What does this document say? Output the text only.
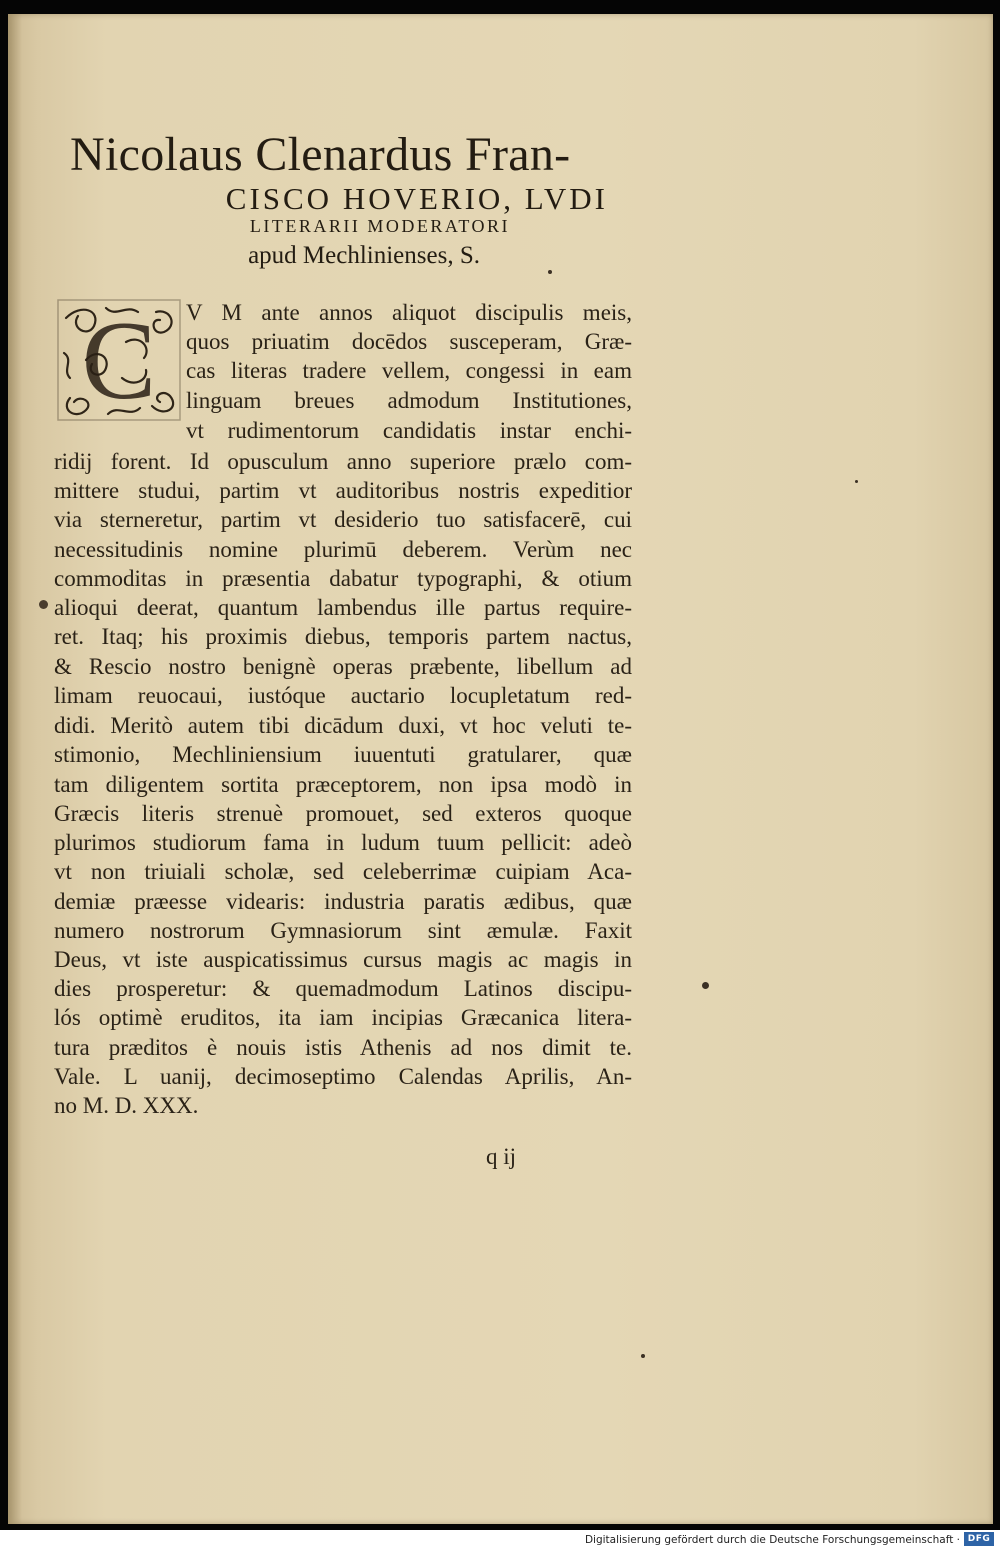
Nicolaus Clenardus Fran-
CISCO HOVERIO, LVDI
LITERARII MODERATORI
apud Mechlinienses, S.
C V M ante annos aliquot discipulis meis,
quos priuatim docēdos susceperam, Græ-
cas literas tradere vellem, congessi in eam
linguam breues admodum Institutiones,
vt rudimentorum candidatis instar enchi-
ridij forent. Id opusculum anno superiore prælo com-
mittere studui, partim vt auditoribus nostris expeditior
via sterneretur, partim vt desiderio tuo satisfacerē, cui
necessitudinis nomine plurimū deberem. Verùm nec
commoditas in præsentia dabatur typographi, & otium
alioqui deerat, quantum lambendus ille partus require-
ret. Itaq; his proximis diebus, temporis partem nactus,
& Rescio nostro benignè operas præbente, libellum ad
limam reuocaui, iustóque auctario locupletatum red-
didi. Meritò autem tibi dicādum duxi, vt hoc veluti te-
stimonio, Mechliniensium iuuentuti gratularer, quæ
tam diligentem sortita præceptorem, non ipsa modò in
Græcis literis strenuè promouet, sed exteros quoque
plurimos studiorum fama in ludum tuum pellicit: adeò
vt non triuiali scholæ, sed celeberrimæ cuipiam Aca-
demiæ præesse videaris: industria paratis ædibus, quæ
numero nostrorum Gymnasiorum sint æmulæ. Faxit
Deus, vt iste auspicatissimus cursus magis ac magis in
dies prosperetur: & quemadmodum Latinos discipu-
lós optimè eruditos, ita iam incipias Græcanica litera-
tura præditos è nouis istis Athenis ad nos dimit te.
Vale. L uanij, decimoseptimo Calendas Aprilis, An-
no M. D. XXX.
q ij
Digitalisierung gefördert durch die Deutsche Forschungsgemeinschaft · DFG
